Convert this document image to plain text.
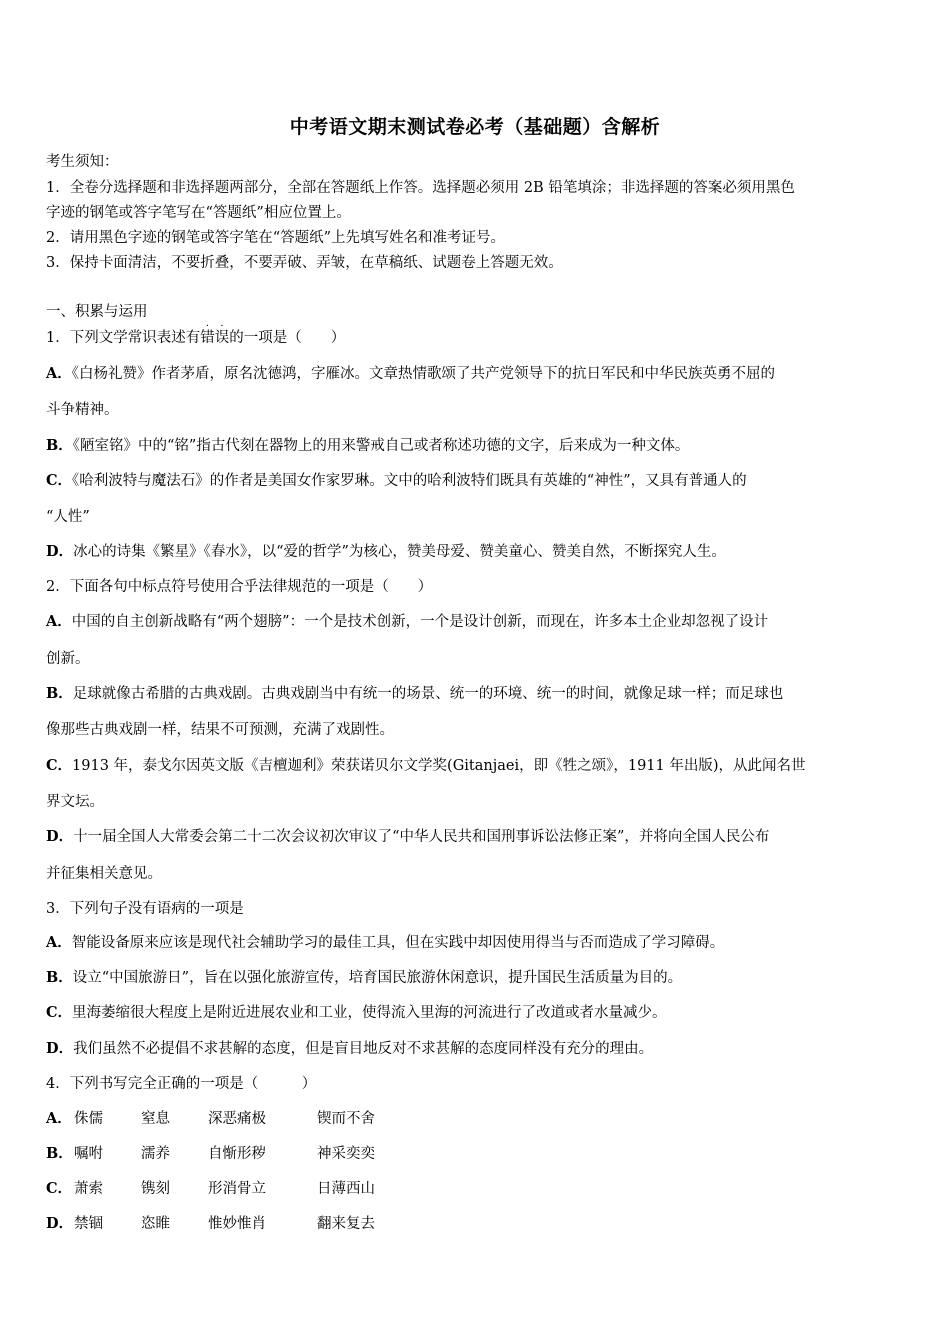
中考语文期末测试卷必考（基础题）含解析
考生须知：
1．全卷分选择题和非选择题两部分，全部在答题纸上作答。选择题必须用 2B 铅笔填涂；非选择题的答案必须用黑色
字迹的钢笔或答字笔写在“答题纸”相应位置上。
2．请用黑色字迹的钢笔或答字笔在“答题纸”上先填写姓名和准考证号。
3．保持卡面清洁，不要折叠，不要弄破、弄皱，在草稿纸、试题卷上答题无效。
一、积累与运用
1．下列文学常识表述有
·
错
·
误的一项是（　　）
A．《白杨礼赞》作者茅盾，原名沈德鸿，字雁冰。文章热情歌颂了共产党领导下的抗日军民和中华民族英勇不屈的
斗争精神。
B．《陋室铭》中的“铭”指古代刻在器物上的用来警戒自己或者称述功德的文字，后来成为一种文体。
C．《哈利波特与魔法石》的作者是美国女作家罗琳。文中的哈利波特们既具有英雄的“神性”，又具有普通人的
“人性”
D．冰心的诗集《繁星》《春水》，以“爱的哲学”为核心，赞美母爱、赞美童心、赞美自然，不断探究人生。
2．下面各句中标点符号使用合乎法律规范的一项是（　　）
A．中国的自主创新战略有“两个翅膀”：一个是技术创新，一个是设计创新，而现在，许多本土企业却忽视了设计
创新。
B．足球就像古希腊的古典戏剧。古典戏剧当中有统一的场景、统一的环境、统一的时间，就像足球一样；而足球也
像那些古典戏剧一样，结果不可预测，充满了戏剧性。
C．1913 年，泰戈尔因英文版《吉檀迦利》荣获诺贝尔文学奖(Gitanjaei，即《牲之颂》，1911 年出版)，从此闻名世
界文坛。
D．十一届全国人大常委会第二十二次会议初次审议了“中华人民共和国刑事诉讼法修正案”，并将向全国人民公布
并征集相关意见。
3．下列句子没有语病的一项是
A．智能设备原来应该是现代社会辅助学习的最佳工具，但在实践中却因使用得当与否而造成了学习障碍。
B．设立“中国旅游日”，旨在以强化旅游宣传，培育国民旅游休闲意识，提升国民生活质量为目的。
C．里海萎缩很大程度上是附近进展农业和工业，使得流入里海的河流进行了改道或者水量减少。
D．我们虽然不必提倡不求甚解的态度，但是盲目地反对不求甚解的态度同样没有充分的理由。
4．下列书写完全正确的一项是（　　　）
A． 侏儒	窒息	深恶痛极	锲而不舍
B． 嘱咐	濡养	自惭形秽	神采奕奕
C． 萧索	镌刻	形消骨立	日薄西山
D． 禁锢	恣睢	惟妙惟肖	翻来复去
